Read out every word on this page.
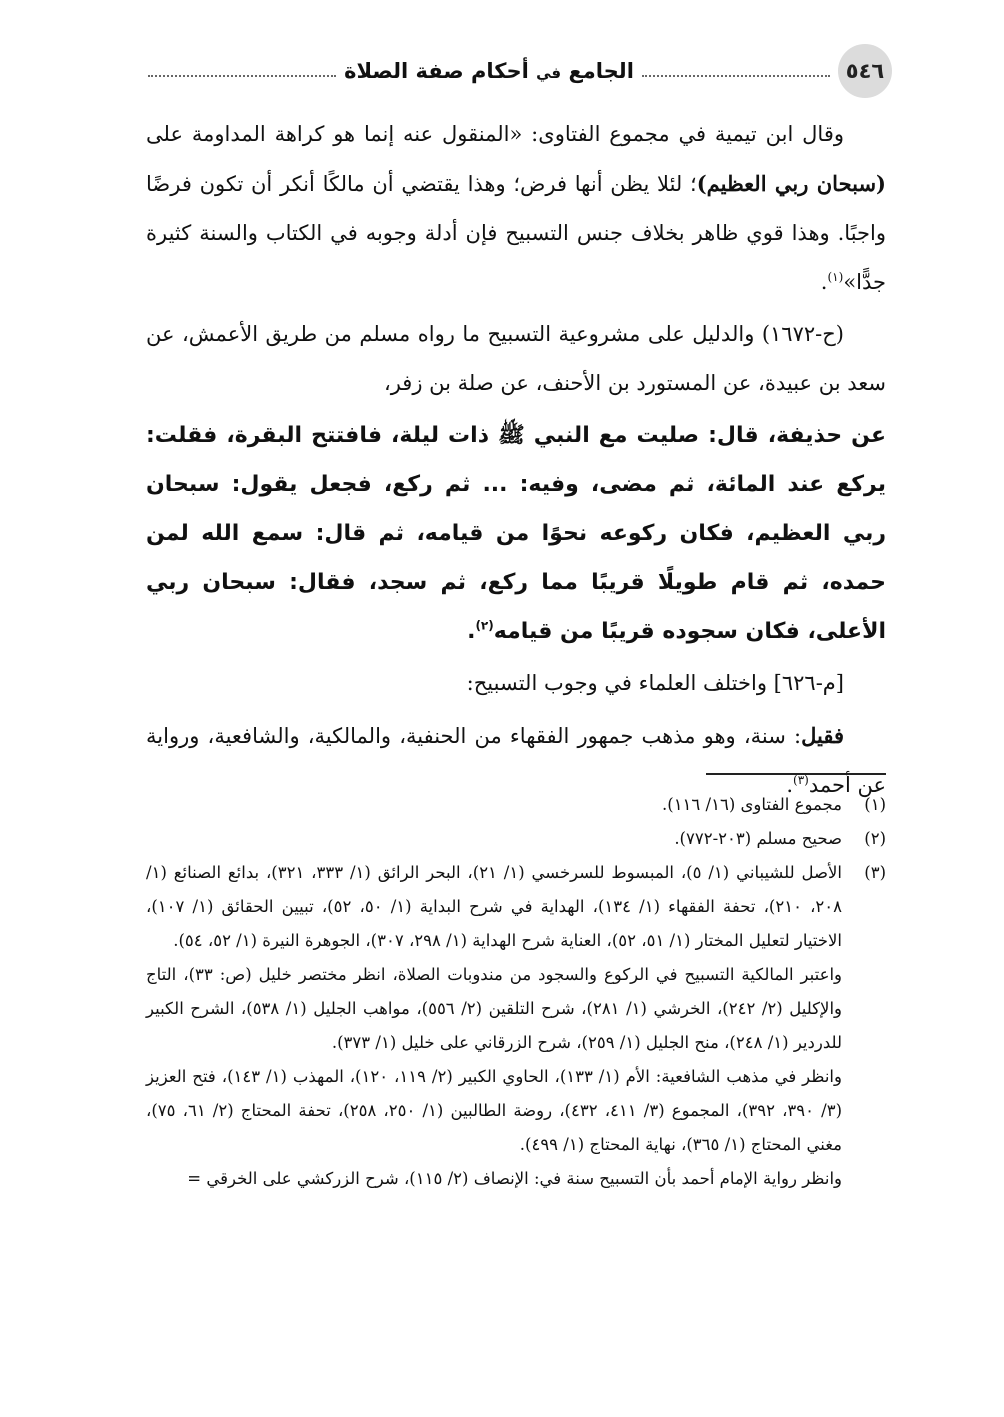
٥٤٦
الجامع في أحكام صفة الصلاة

وقال ابن تيمية في مجموع الفتاوى: «المنقول عنه إنما هو كراهة المداومة على (سبحان ربي العظيم)؛ لئلا يظن أنها فرض؛ وهذا يقتضي أن مالكًا أنكر أن تكون فرضًا واجبًا. وهذا قوي ظاهر بخلاف جنس التسبيح فإن أدلة وجوبه في الكتاب والسنة كثيرة جدًّا»$^{(١)}$.

(ح-١٦٧٢) والدليل على مشروعية التسبيح ما رواه مسلم من طريق الأعمش، عن سعد بن عبيدة، عن المستورد بن الأحنف، عن صلة بن زفر،

عن حذيفة، قال: صليت مع النبي ﷺ ذات ليلة، فافتتح البقرة، فقلت: يركع عند المائة، ثم مضى، وفيه: ... ثم ركع، فجعل يقول: سبحان ربي العظيم، فكان ركوعه نحوًا من قيامه، ثم قال: سمع الله لمن حمده، ثم قام طويلًا قريبًا مما ركع، ثم سجد، فقال: سبحان ربي الأعلى، فكان سجوده قريبًا من قيامه$^{(٢)}$.

[م-٦٢٦] واختلف العلماء في وجوب التسبيح:

فقيل: سنة، وهو مذهب جمهور الفقهاء من الحنفية، والمالكية، والشافعية، ورواية عن أحمد$^{(٣)}$.

(١)
مجموع الفتاوى (١٦/ ١١٦).
(٢)
صحيح مسلم (٢٠٣-٧٧٢).
(٣)
الأصل للشيباني (١/ ٥)، المبسوط للسرخسي (١/ ٢١)، البحر الرائق (١/ ٣٣٣، ٣٢١)، بدائع الصنائع (١/ ٢٠٨، ٢١٠)، تحفة الفقهاء (١/ ١٣٤)، الهداية في شرح البداية (١/ ٥٠، ٥٢)، تبيين الحقائق (١/ ١٠٧)، الاختيار لتعليل المختار (١/ ٥١، ٥٢)، العناية شرح الهداية (١/ ٢٩٨، ٣٠٧)، الجوهرة النيرة (١/ ٥٢، ٥٤).
واعتبر المالكية التسبيح في الركوع والسجود من مندوبات الصلاة، انظر مختصر خليل (ص: ٣٣)، التاج والإكليل (٢/ ٢٤٢)، الخرشي (١/ ٢٨١)، شرح التلقين (٢/ ٥٥٦)، مواهب الجليل (١/ ٥٣٨)، الشرح الكبير للدردير (١/ ٢٤٨)، منح الجليل (١/ ٢٥٩)، شرح الزرقاني على خليل (١/ ٣٧٣).
وانظر في مذهب الشافعية: الأم (١/ ١٣٣)، الحاوي الكبير (٢/ ١١٩، ١٢٠)، المهذب (١/ ١٤٣)، فتح العزيز (٣/ ٣٩٠، ٣٩٢)، المجموع (٣/ ٤١١، ٤٣٢)، روضة الطالبين (١/ ٢٥٠، ٢٥٨)، تحفة المحتاج (٢/ ٦١، ٧٥)، مغني المحتاج (١/ ٣٦٥)، نهاية المحتاج (١/ ٤٩٩).
وانظر رواية الإمام أحمد بأن التسبيح سنة في: الإنصاف (٢/ ١١٥)، شرح الزركشي على الخرقي =
